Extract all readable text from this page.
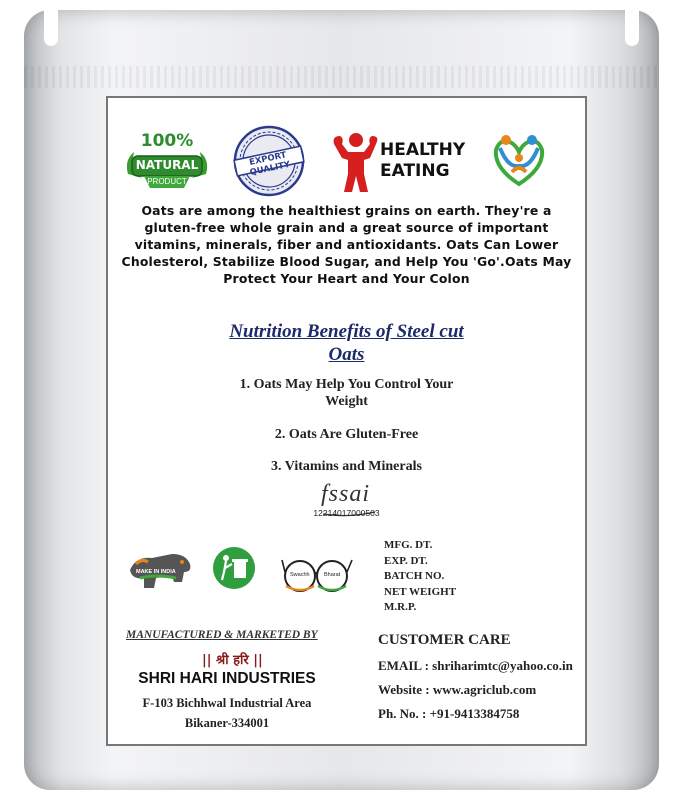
100%
NATURAL
PRODUCT
EXPORT QUALITY
HEALTHY
EATING
Oats are among the healthiest grains on earth. They're a gluten-free whole grain and a great source of important vitamins, minerals, fiber and antioxidants. Oats Can Lower Cholesterol, Stabilize Blood Sugar, and Help You 'Go'.Oats May Protect Your Heart and Your Colon
Nutrition Benefits of Steel cut
Oats
1. Oats May Help You Control Your
Weight
2. Oats Are Gluten-Free
3. Vitamins and Minerals
fssai
12214017000503
MAKE IN INDIA	Swachh	Bharat
MFG. DT.
EXP. DT.
BATCH NO.
NET WEIGHT
M.R.P.
MANUFACTURED & MARKETED BY
|| श्री हरि ||
SHRI HARI INDUSTRIES
F-103 Bichhwal Industrial Area
Bikaner-334001
CUSTOMER CARE
EMAIL : shriharimtc@yahoo.co.in
Website : www.agriclub.com
Ph. No. : +91-9413384758
